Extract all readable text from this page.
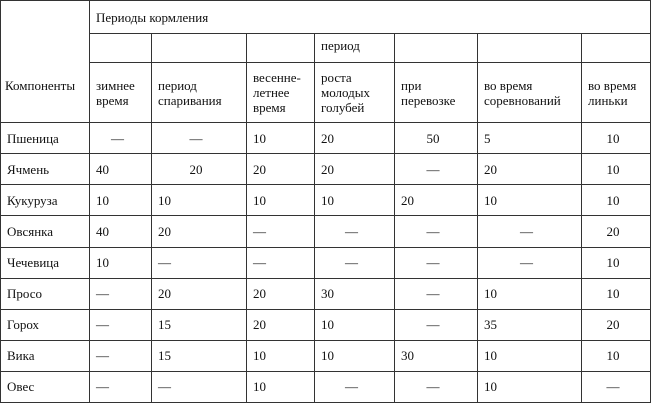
Компоненты	Периоды кормления						
				период			
	зимнее время	период спаривания	весенне-летнее время	роста молодых голубей	при перевозке	во время соревнований	во время линьки
Пшеница	—	—	10	20	50	5	10
Ячмень	40	20	20	20	—	20	10
Кукуруза	10	10	10	10	20	10	10
Овсянка	40	20	—	—	—	—	20
Чечевица	10	—	—	—	—	—	10
Просо	—	20	20	30	—	10	10
Горох	—	15	20	10	—	35	20
Вика	—	15	10	10	30	10	10
Овес	—	—	10	—	—	10	—
